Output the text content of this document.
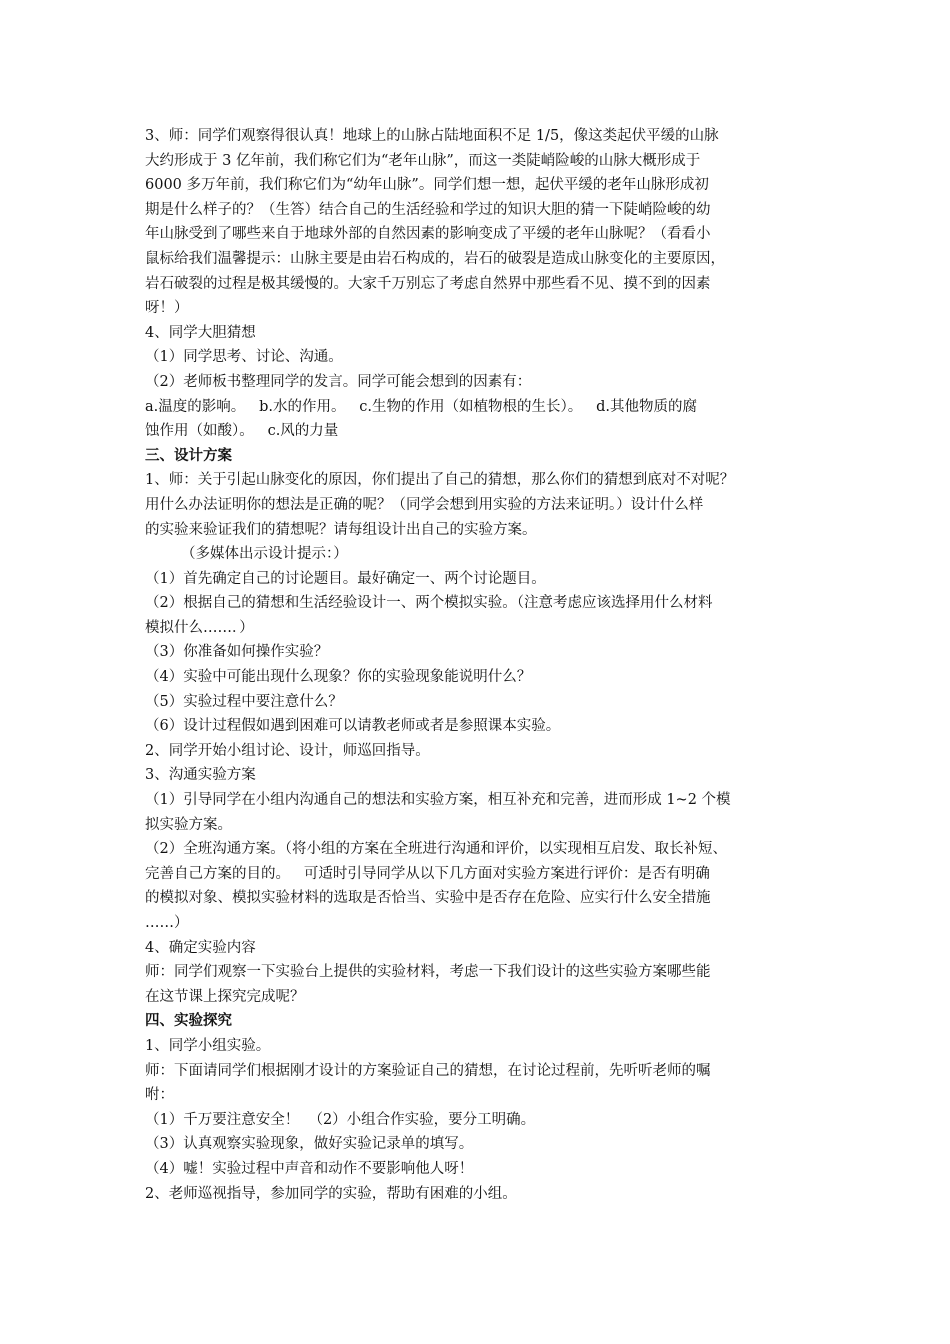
3、师：同学们观察得很认真！地球上的山脉占陆地面积不足 1/5，像这类起伏平缓的山脉
大约形成于 3 亿年前，我们称它们为“老年山脉”，而这一类陡峭险峻的山脉大概形成于
6000 多万年前，我们称它们为“幼年山脉”。同学们想一想，起伏平缓的老年山脉形成初
期是什么样子的？（生答）结合自己的生活经验和学过的知识大胆的猜一下陡峭险峻的幼
年山脉受到了哪些来自于地球外部的自然因素的影响变成了平缓的老年山脉呢？（看看小
鼠标给我们温馨提示：山脉主要是由岩石构成的，岩石的破裂是造成山脉变化的主要原因，
岩石破裂的过程是极其缓慢的。大家千万别忘了考虑自然界中那些看不见、摸不到的因素
呀！）
4、同学大胆猜想
（1）同学思考、讨论、沟通。
（2）老师板书整理同学的发言。同学可能会想到的因素有：
a.温度的影响。   b.水的作用。   c.生物的作用（如植物根的生长）。   d.其他物质的腐
蚀作用（如酸）。   c.风的力量
三、设计方案
1、师：关于引起山脉变化的原因，你们提出了自己的猜想，那么你们的猜想到底对不对呢？
用什么办法证明你的想法是正确的呢？（同学会想到用实验的方法来证明。）设计什么样
的实验来验证我们的猜想呢？请每组设计出自己的实验方案。
（多媒体出示设计提示：）
（1）首先确定自己的讨论题目。最好确定一、两个讨论题目。
（2）根据自己的猜想和生活经验设计一、两个模拟实验。（注意考虑应该选择用什么材料
模拟什么……．）
（3）你准备如何操作实验？
（4）实验中可能出现什么现象？你的实验现象能说明什么？
（5）实验过程中要注意什么？
（6）设计过程假如遇到困难可以请教老师或者是参照课本实验。
2、同学开始小组讨论、设计，师巡回指导。
3、沟通实验方案
（1）引导同学在小组内沟通自己的想法和实验方案，相互补充和完善，进而形成 1~2 个模
拟实验方案。
（2）全班沟通方案。（将小组的方案在全班进行沟通和评价，以实现相互启发、取长补短、
完善自己方案的目的。   可适时引导同学从以下几方面对实验方案进行评价：是否有明确
的模拟对象、模拟实验材料的选取是否恰当、实验中是否存在危险、应实行什么安全措施
……）
4、确定实验内容
师：同学们观察一下实验台上提供的实验材料，考虑一下我们设计的这些实验方案哪些能
在这节课上探究完成呢？
四、实验探究
1、同学小组实验。
师：下面请同学们根据刚才设计的方案验证自己的猜想，在讨论过程前，先听听老师的嘱
咐：
（1）千万要注意安全！  （2）小组合作实验，要分工明确。
（3）认真观察实验现象，做好实验记录单的填写。
（4）嘘！实验过程中声音和动作不要影响他人呀！
2、老师巡视指导，参加同学的实验，帮助有困难的小组。
